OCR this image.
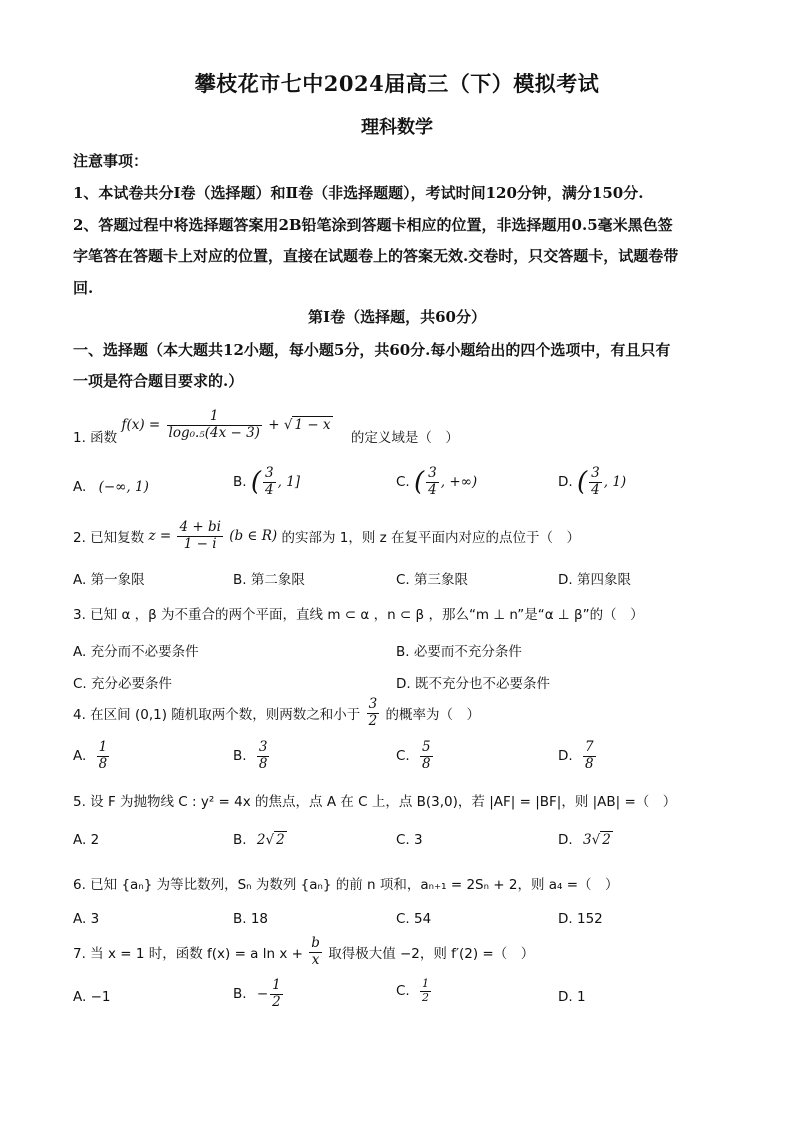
攀枝花市七中2024届高三（下）模拟考试
理科数学
注意事项：
1、本试卷共分Ⅰ卷（选择题）和Ⅱ卷（非选择题题），考试时间120分钟，满分150分.
2、答题过程中将选择题答案用2B铅笔涂到答题卡相应的位置，非选择题用0.5毫米黑色签
字笔答在答题卡上对应的位置，直接在试题卷上的答案无效.交卷时，只交答题卡，试题卷带
回.
第Ⅰ卷（选择题，共60分）
一、选择题（本大题共12小题，每小题5分，共60分.每小题给出的四个选项中，有且只有
一项是符合题目要求的.）
1. 函数 $f(x) = \frac{1}{\text{log₀.₅(4x − 3)}}$ + √ 1 − x 的定义域是（　）
A. (−∞, 1)	B. ( $\frac{3}{4}$ , 1]	C. ( $\frac{3}{4}$ , +∞)	D. ( $\frac{3}{4}$ , 1)
2. 已知复数 $z = \frac{4 + bi}{1 - i} (b$ ∈ R) 的实部为 1，则 z 在复平面内对应的点位于（　）
A. 第一象限	B. 第二象限	C. 第三象限	D. 第四象限
3. 已知 α ，β 为不重合的两个平面，直线 m ⊂ α ，n ⊂ β ，那么“m ⊥ n”是“α ⊥ β”的（　）
A. 充分而不必要条件	B. 必要而不充分条件
C. 充分必要条件	D. 既不充分也不必要条件
4. 在区间 (0,1) 随机取两个数，则两数之和小于 $\frac{3}{2}$ 的概率为（　）
A. $\frac{1}{8}$	B. $\frac{3}{8}$	C. $\frac{5}{8}$	D. $\frac{7}{8}$
5. 设 F 为抛物线 C : y² = 4x 的焦点，点 A 在 C 上，点 B(3,0)，若 |AF| = |BF|，则 |AB| =（　）
A. 2	B. 2√ 2	C. 3	D. 3√ 2
6. 已知 {aₙ} 为等比数列，Sₙ 为数列 {aₙ} 的前 n 项和，aₙ₊₁ = 2Sₙ + 2，则 a₄ =（　）
A. 3	B. 18	C. 54	D. 152
7. 当 x = 1 时，函数 f(x) = a $\ln x + \frac{b}{x}$ 取得极大值 −2，则 f′(2) =（　）
A. −1	B. − $\frac{1}{2}$	C. $\frac{1}{2}$	D. 1
